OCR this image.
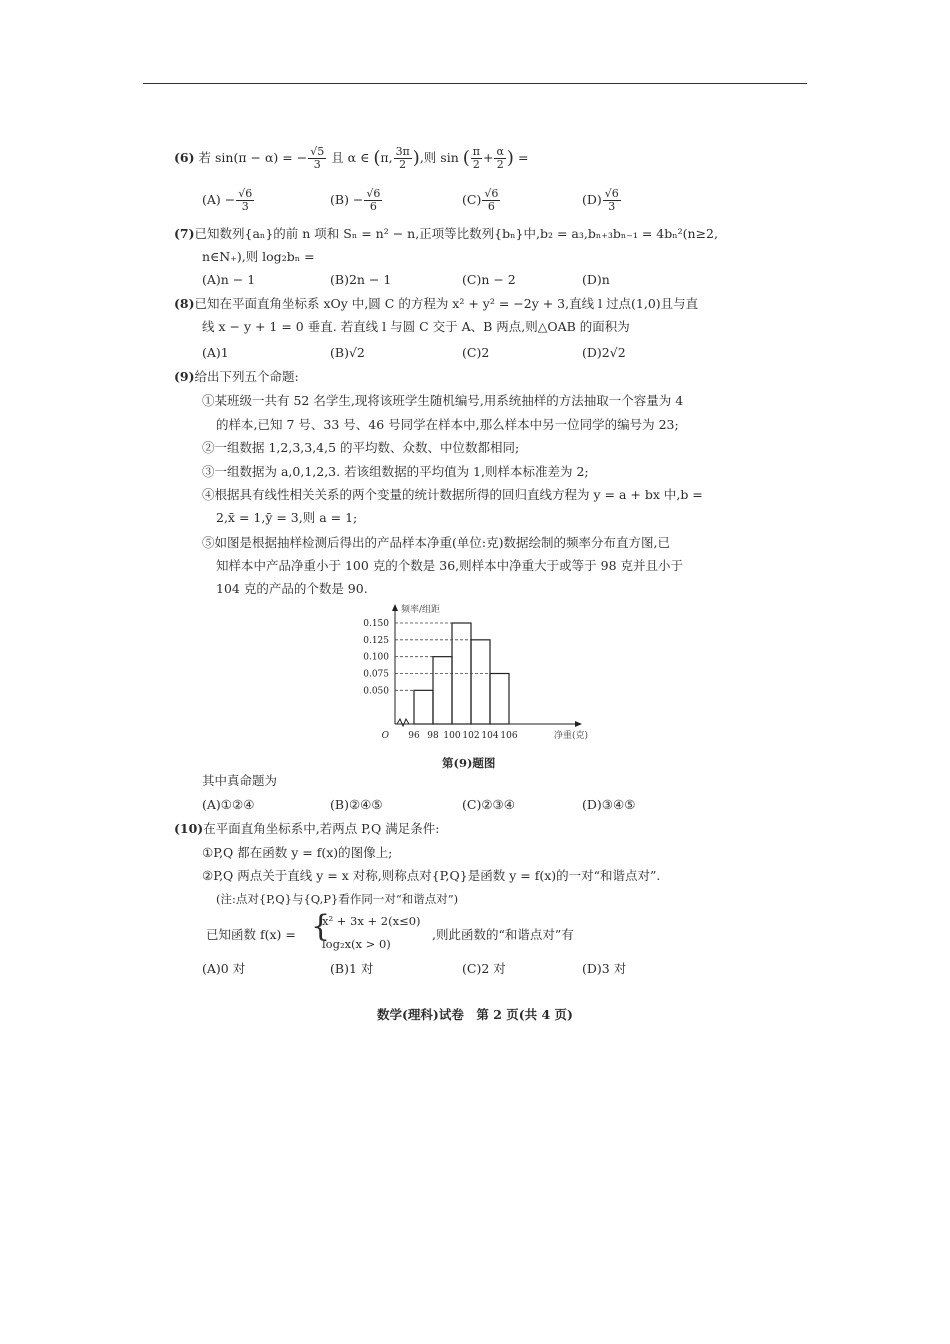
(6) 若 sin(π − α) = − $\frac{√5}{3}$ 且 α ∈ (π, $\frac{3\pi}{2}$ ),则 sin ( $\frac{\pi}{2} + \frac{\alpha}{2}$ ) =
$(A) - \frac{√6}{3}$	$(B) - \frac{√6}{6}$	$(C) \frac{√6}{6}$	$(D) \frac{√6}{3}$
(7)已知数列{aₙ}的前 n 项和 Sₙ = n² − n,正项等比数列{bₙ}中,b₂ = a₃,bₙ₊₃bₙ₋₁ = 4bₙ²(n≥2,
n∈N₊),则 log₂bₙ =
(A)n − 1	(B)2n − 1	(C)n − 2	(D)n
(8)已知在平面直角坐标系 xOy 中,圆 C 的方程为 x² + y² = −2y + 3,直线 l 过点(1,0)且与直
线 x − y + 1 = 0 垂直. 若直线 l 与圆 C 交于 A、B 两点,则△OAB 的面积为
(A)1	(B)√2	(C)2	(D)2√2
(9)给出下列五个命题:
①某班级一共有 52 名学生,现将该班学生随机编号,用系统抽样的方法抽取一个容量为 4
的样本,已知 7 号、33 号、46 号同学在样本中,那么样本中另一位同学的编号为 23;
②一组数据 1,2,3,3,4,5 的平均数、众数、中位数都相同;
③一组数据为 a,0,1,2,3. 若该组数据的平均值为 1,则样本标准差为 2;
④根据具有线性相关关系的两个变量的统计数据所得的回归直线方程为 y = a + bx 中,b =
2,x̄ = 1,ȳ = 3,则 a = 1;
⑤如图是根据抽样检测后得出的产品样本净重(单位:克)数据绘制的频率分布直方图,已
知样本中产品净重小于 100 克的个数是 36,则样本中净重大于或等于 98 克并且小于
104 克的产品的个数是 90.
0.050
0.075
0.100
0.125
0.150
96 98 100 102 104 106
O
频率/组距
净重(克)
第(9)题图
其中真命题为
(A)①②④	(B)②④⑤	(C)②③④	(D)③④⑤
(10)在平面直角坐标系中,若两点 P,Q 满足条件:
①P,Q 都在函数 y = f(x)的图像上;
②P,Q 两点关于直线 y = x 对称,则称点对{P,Q}是函数 y = f(x)的一对“和谐点对”.
(注:点对{P,Q}与{Q,P}看作同一对“和谐点对”)
已知函数 f(x) = {
x² + 3x + 2(x≤0)
log₂x(x > 0)
,则此函数的“和谐点对”有
(A)0 对	(B)1 对	(C)2 对	(D)3 对
数学(理科)试卷　第 2 页(共 4 页)
